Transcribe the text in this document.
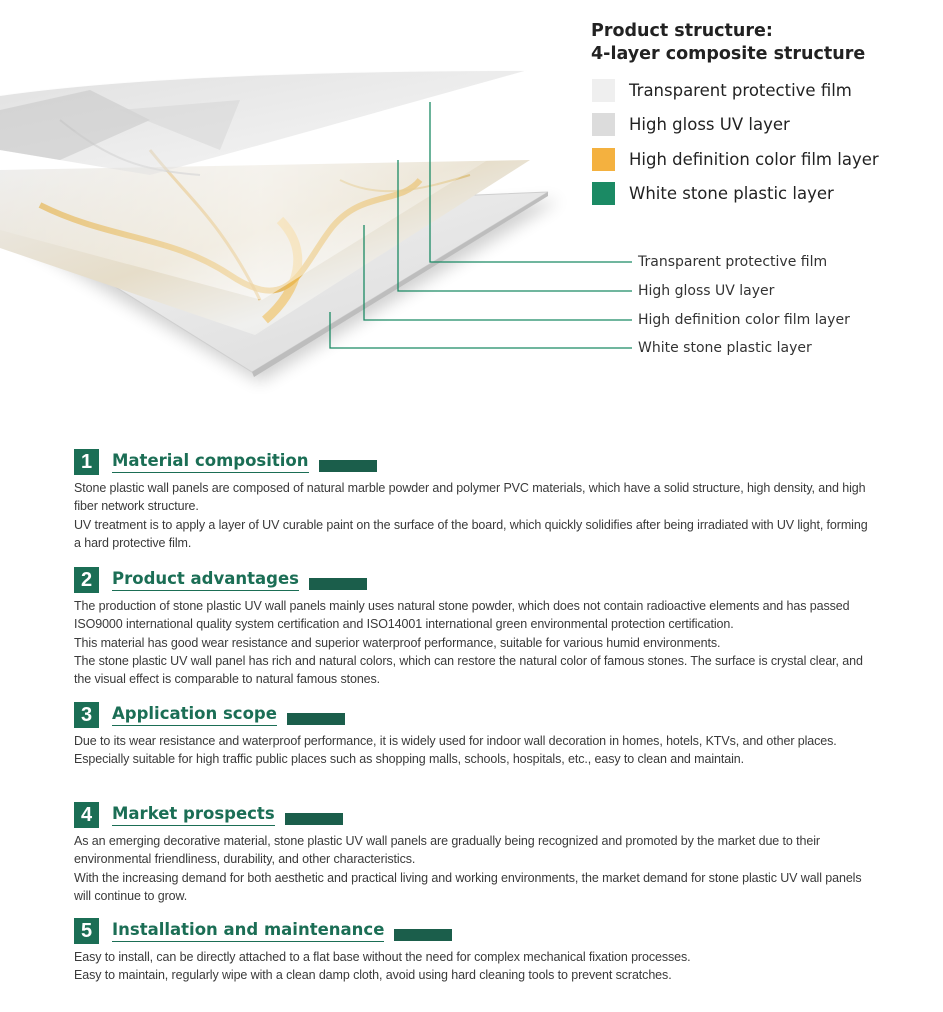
Product structure:
4-layer composite structure
Transparent protective film
High gloss UV layer
High definition color film layer
White stone plastic layer
Transparent protective film
High gloss UV layer
High definition color film layer
White stone plastic layer
1	Material composition

Stone plastic wall panels are composed of natural marble powder and polymer PVC materials, which have a solid structure, high density, and high fiber network structure.

UV treatment is to apply a layer of UV curable paint on the surface of the board, which quickly solidifies after being irradiated with UV light, forming a hard protective film.

2	Product advantages

The production of stone plastic UV wall panels mainly uses natural stone powder, which does not contain radioactive elements and has passed ISO9000 international quality system certification and ISO14001 international green environmental protection certification.

This material has good wear resistance and superior waterproof performance, suitable for various humid environments.

The stone plastic UV wall panel has rich and natural colors, which can restore the natural color of famous stones. The surface is crystal clear, and the visual effect is comparable to natural famous stones.

3	Application scope

Due to its wear resistance and waterproof performance, it is widely used for indoor wall decoration in homes, hotels, KTVs, and other places.

Especially suitable for high traffic public places such as shopping malls, schools, hospitals, etc., easy to clean and maintain.

4	Market prospects

As an emerging decorative material, stone plastic UV wall panels are gradually being recognized and promoted by the market due to their environmental friendliness, durability, and other characteristics.

With the increasing demand for both aesthetic and practical living and working environments, the market demand for stone plastic UV wall panels will continue to grow.

5	Installation and maintenance

Easy to install, can be directly attached to a flat base without the need for complex mechanical fixation processes.

Easy to maintain, regularly wipe with a clean damp cloth, avoid using hard cleaning tools to prevent scratches.
